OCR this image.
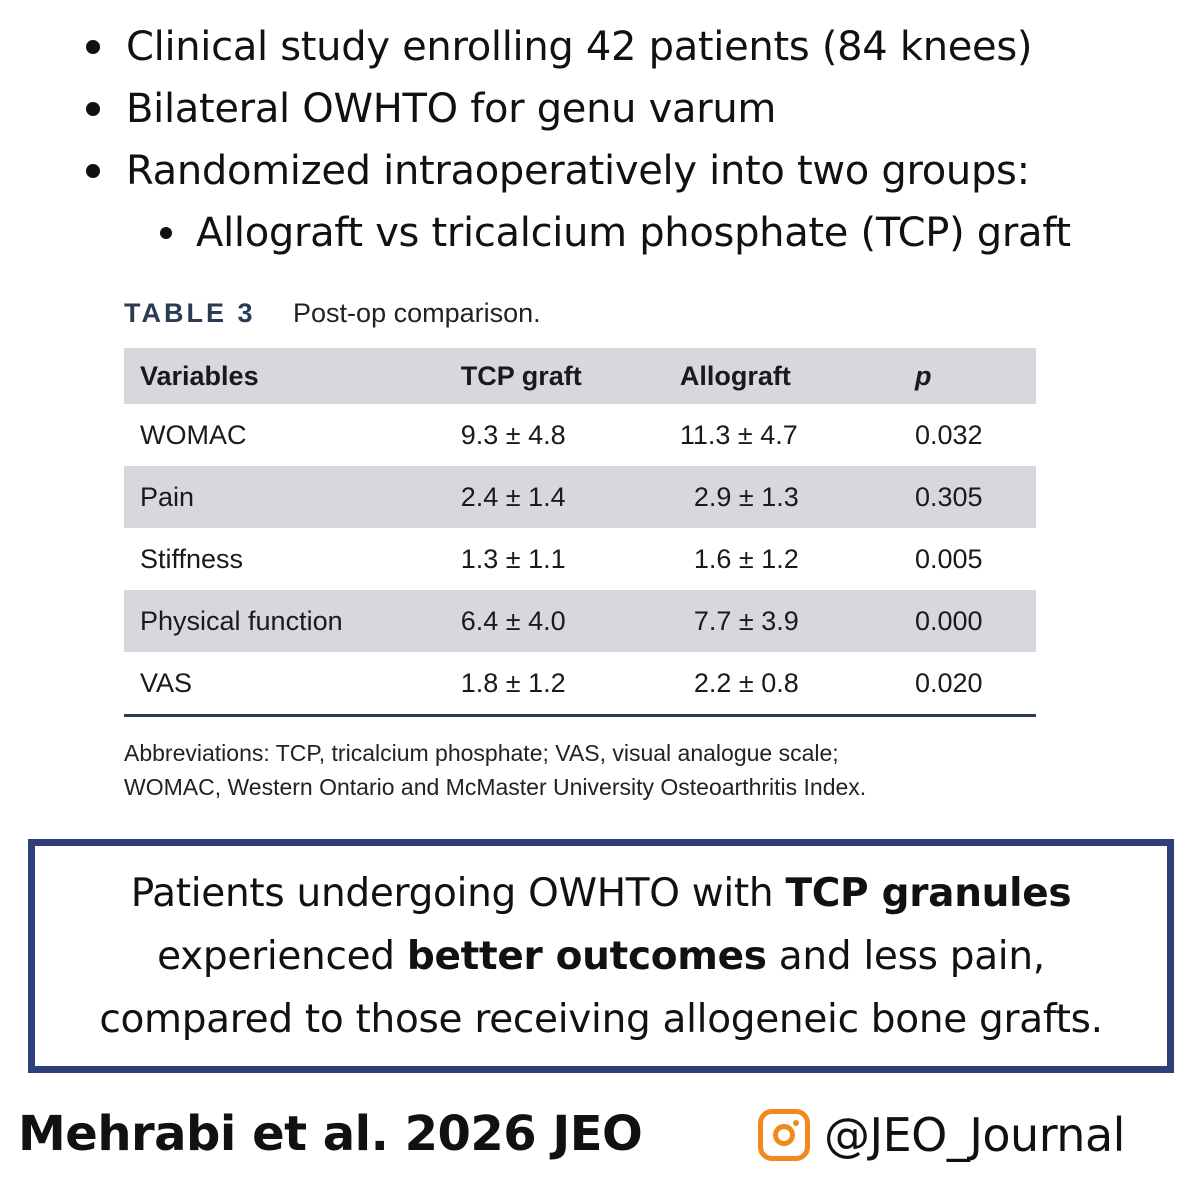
Clinical study enrolling 42 patients (84 knees)
Bilateral OWHTO for genu varum
Randomized intraoperatively into two groups:
Allograft vs tricalcium phosphate (TCP) graft
TABLE 3 Post-op comparison.
Variables	TCP graft	Allograft	p
WOMAC	9.3 ± 4.8	11.3 ± 4.7	0.032
Pain	2.4 ± 1.4	2.9 ± 1.3	0.305
Stiffness	1.3 ± 1.1	1.6 ± 1.2	0.005
Physical function	6.4 ± 4.0	7.7 ± 3.9	0.000
VAS	1.8 ± 1.2	2.2 ± 0.8	0.020
Abbreviations: TCP, tricalcium phosphate; VAS, visual analogue scale;
WOMAC, Western Ontario and McMaster University Osteoarthritis Index.
Patients undergoing OWHTO with TCP granules
experienced better outcomes and less pain,
compared to those receiving allogeneic bone grafts.
Mehrabi et al. 2026 JEO	@JEO_Journal
